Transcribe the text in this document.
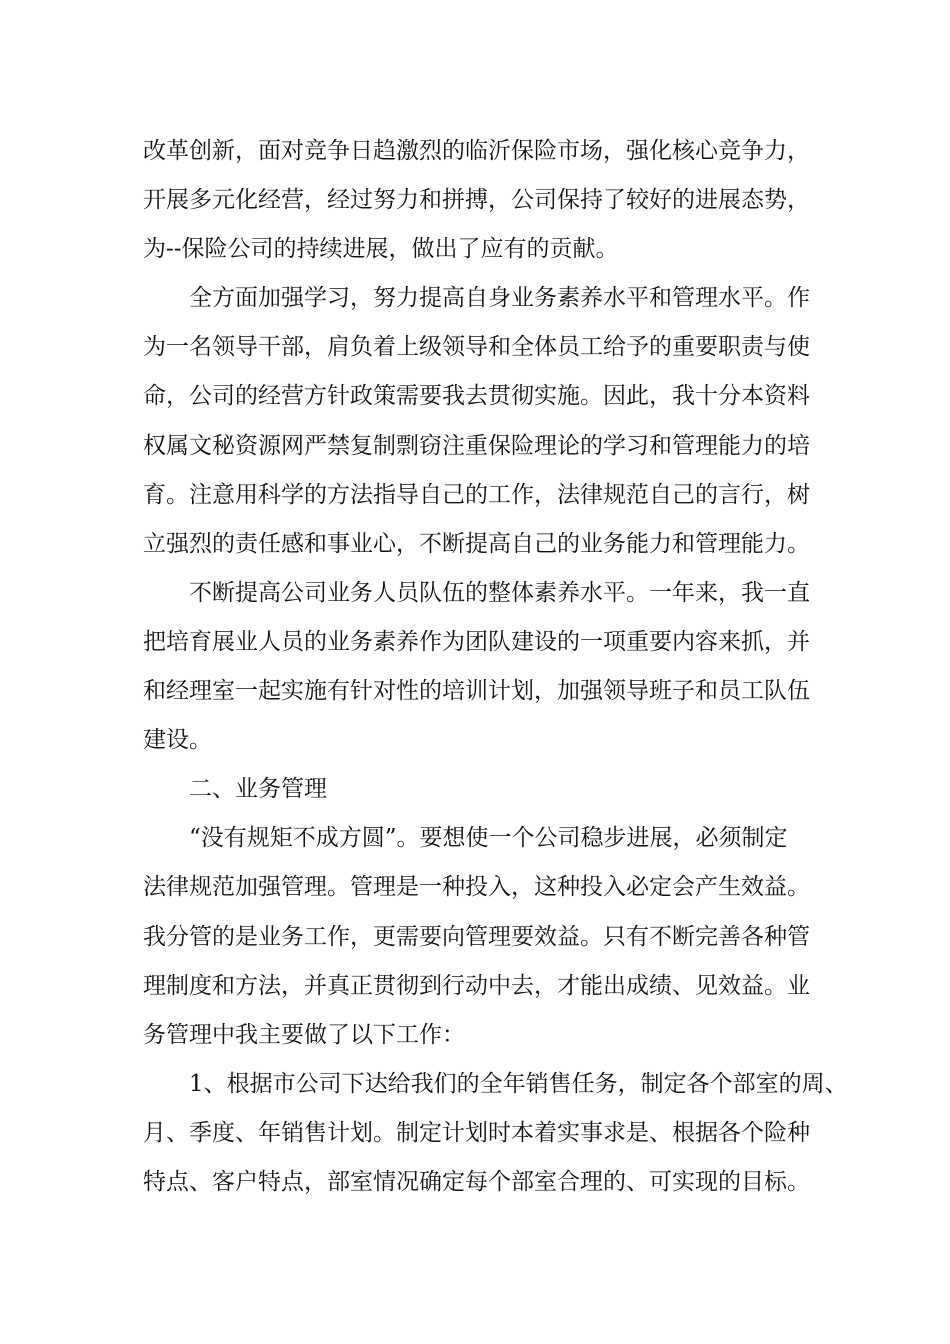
改革创新，面对竞争日趋激烈的临沂保险市场，强化核心竞争力，
开展多元化经营，经过努力和拼搏，公司保持了较好的进展态势，
为--保险公司的持续进展，做出了应有的贡献。
全方面加强学习，努力提高自身业务素养水平和管理水平。作
为一名领导干部，肩负着上级领导和全体员工给予的重要职责与使
命，公司的经营方针政策需要我去贯彻实施。因此，我十分本资料
权属文秘资源网严禁复制剽窃注重保险理论的学习和管理能力的培
育。注意用科学的方法指导自己的工作，法律规范自己的言行，树
立强烈的责任感和事业心，不断提高自己的业务能力和管理能力。
不断提高公司业务人员队伍的整体素养水平。一年来，我一直
把培育展业人员的业务素养作为团队建设的一项重要内容来抓，并
和经理室一起实施有针对性的培训计划，加强领导班子和员工队伍
建设。
二、业务管理
“没有规矩不成方圆”。要想使一个公司稳步进展，必须制定
法律规范加强管理。管理是一种投入，这种投入必定会产生效益。
我分管的是业务工作，更需要向管理要效益。只有不断完善各种管
理制度和方法，并真正贯彻到行动中去，才能出成绩、见效益。业
务管理中我主要做了以下工作：
1、根据市公司下达给我们的全年销售任务，制定各个部室的周、
月、季度、年销售计划。制定计划时本着实事求是、根据各个险种
特点、客户特点，部室情况确定每个部室合理的、可实现的目标。
